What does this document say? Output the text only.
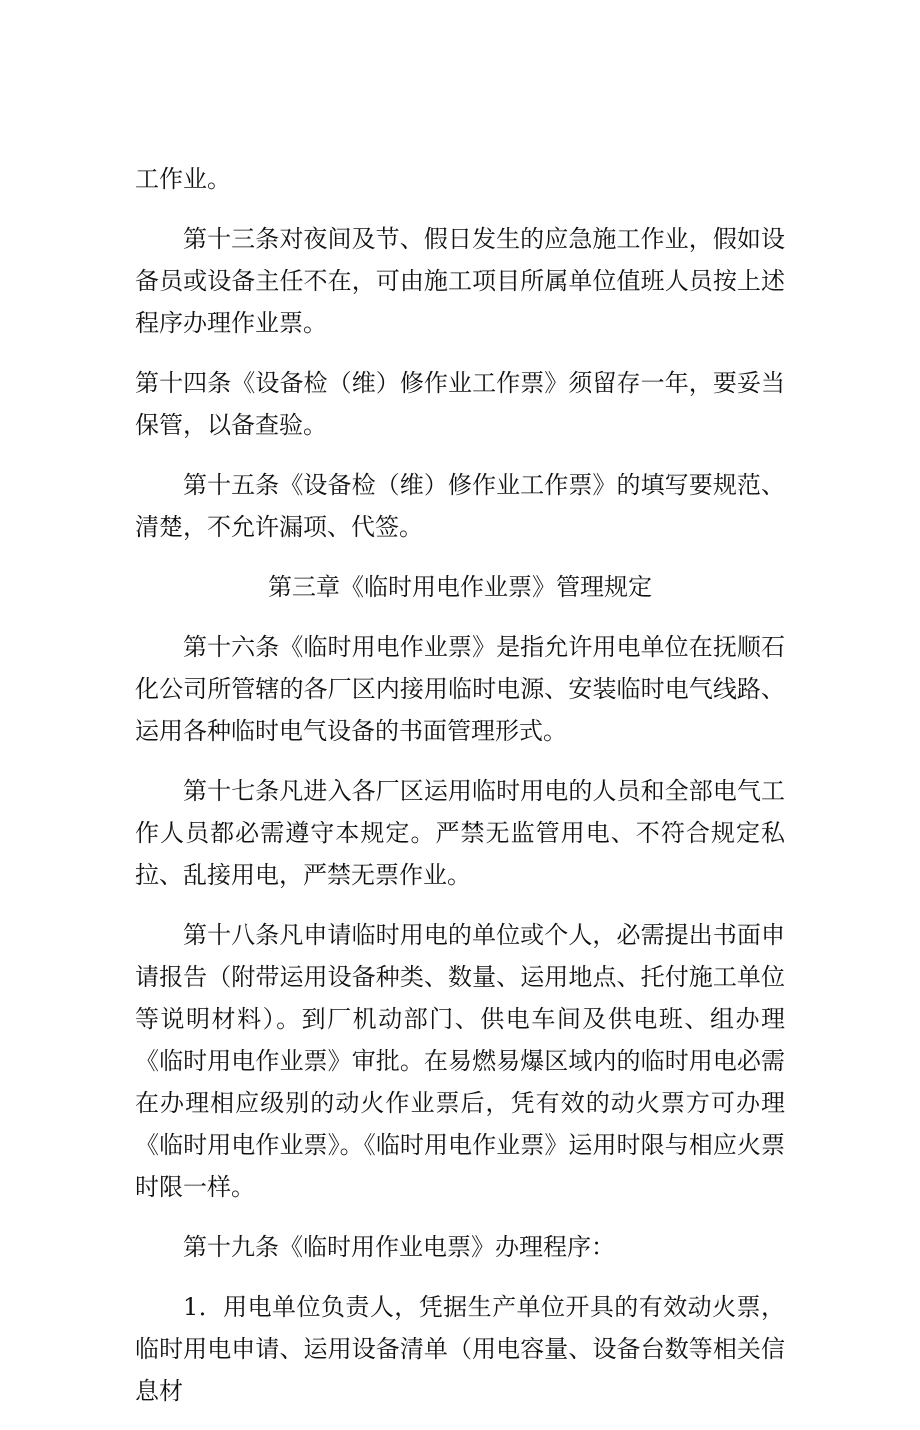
工作业。

第十三条对夜间及节、假日发生的应急施工作业，假如设备员或设备主任不在，可由施工项目所属单位值班人员按上述程序办理作业票。

第十四条《设备检（维）修作业工作票》须留存一年，要妥当保管，以备查验。

第十五条《设备检（维）修作业工作票》的填写要规范、清楚，不允许漏项、代签。

第三章《临时用电作业票》管理规定

第十六条《临时用电作业票》是指允许用电单位在抚顺石化公司所管辖的各厂区内接用临时电源、安装临时电气线路、运用各种临时电气设备的书面管理形式。

第十七条凡进入各厂区运用临时用电的人员和全部电气工作人员都必需遵守本规定。严禁无监管用电、不符合规定私拉、乱接用电，严禁无票作业。

第十八条凡申请临时用电的单位或个人，必需提出书面申请报告（附带运用设备种类、数量、运用地点、托付施工单位等说明材料）。到厂机动部门、供电车间及供电班、组办理《临时用电作业票》审批。在易燃易爆区域内的临时用电必需在办理相应级别的动火作业票后，凭有效的动火票方可办理《临时用电作业票》。《临时用电作业票》运用时限与相应火票时限一样。

第十九条《临时用作业电票》办理程序：

1．用电单位负责人，凭据生产单位开具的有效动火票，临时用电申请、运用设备清单（用电容量、设备台数等相关信息材
